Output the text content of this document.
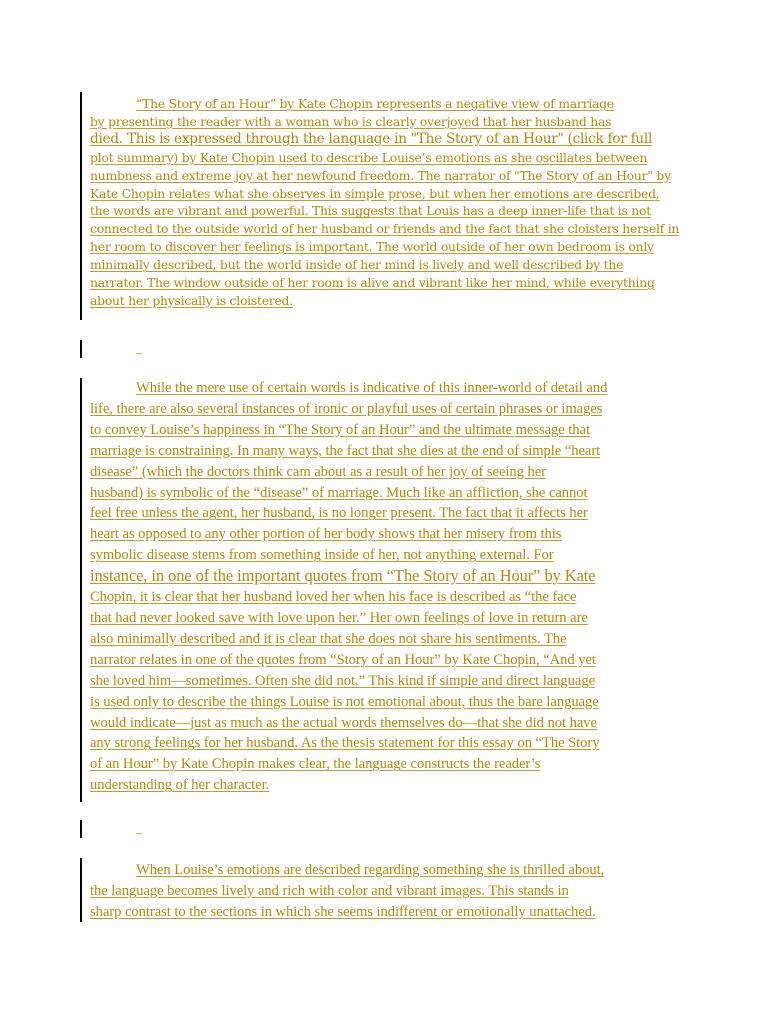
“The Story of an Hour” by Kate Chopin represents a negative view of marriage
by presenting the reader with a woman who is clearly overjoyed that her husband has
died. This is expressed through the language in "The Story of an Hour" (click for full
plot summary) by Kate Chopin used to describe Louise’s emotions as she oscillates between
numbness and extreme joy at her newfound freedom. The narrator of "The Story of an Hour" by
Kate Chopin relates what she observes in simple prose, but when her emotions are described,
the words are vibrant and powerful. This suggests that Louis has a deep inner-life that is not
connected to the outside world of her husband or friends and the fact that she cloisters herself in
her room to discover her feelings is important. The world outside of her own bedroom is only
minimally described, but the world inside of her mind is lively and well described by the
narrator. The window outside of her room is alive and vibrant like her mind, while everything
about her physically is cloistered.
_
While the mere use of certain words is indicative of this inner-world of detail and
life, there are also several instances of ironic or playful uses of certain phrases or images
to convey Louise’s happiness in “The Story of an Hour” and the ultimate message that
marriage is constraining. In many ways, the fact that she dies at the end of simple “heart
disease” (which the doctors think cam about as a result of her joy of seeing her
husband) is symbolic of the “disease” of marriage. Much like an affliction, she cannot
feel free unless the agent, her husband, is no longer present. The fact that it affects her
heart as opposed to any other portion of her body shows that her misery from this
symbolic disease stems from something inside of her, not anything external. For
instance, in one of the important quotes from “The Story of an Hour” by Kate
Chopin, it is clear that her husband loved her when his face is described as “the face
that had never looked save with love upon her.” Her own feelings of love in return are
also minimally described and it is clear that she does not share his sentiments. The
narrator relates in one of the quotes from “Story of an Hour” by Kate Chopin, “And yet
she loved him—sometimes. Often she did not.” This kind if simple and direct language
is used only to describe the things Louise is not emotional about, thus the bare language
would indicate—just as much as the actual words themselves do—that she did not have
any strong feelings for her husband. As the thesis statement for this essay on “The Story
of an Hour” by Kate Chopin makes clear, the language constructs the reader’s
understanding of her character.
_
When Louise’s emotions are described regarding something she is thrilled about,
the language becomes lively and rich with color and vibrant images. This stands in
sharp contrast to the sections in which she seems indifferent or emotionally unattached.
